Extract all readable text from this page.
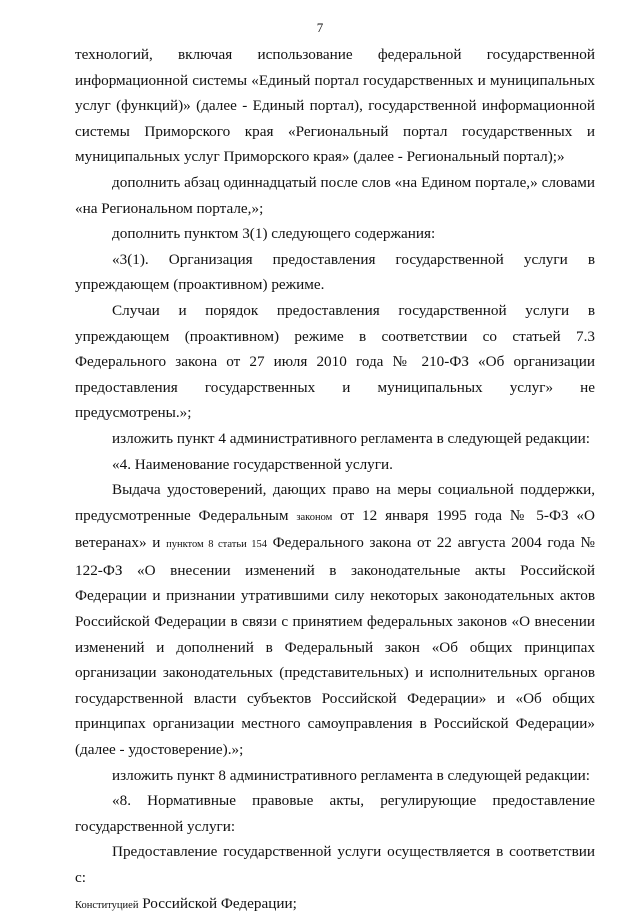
7

технологий, включая использование федеральной государственной информационной системы «Единый портал государственных и муниципальных услуг (функций)» (далее - Единый портал), государственной информационной системы Приморского края «Региональный портал государственных и муниципальных услуг Приморского края» (далее - Региональный портал);»

дополнить абзац одиннадцатый после слов «на Едином портале,» словами «на Региональном портале,»;

дополнить пунктом 3(1) следующего содержания:

«3(1). Организация предоставления государственной услуги в упреждающем (проактивном) режиме.

Случаи и порядок предоставления государственной услуги в упреждающем (проактивном) режиме в соответствии со статьей 7.3 Федерального закона от 27 июля 2010 года № 210-ФЗ «Об организации предоставления государственных и муниципальных услуг» не предусмотрены.»;

изложить пункт 4 административного регламента в следующей редакции:

«4. Наименование государственной услуги.

Выдача удостоверений, дающих право на меры социальной поддержки, предусмотренные Федеральным законом от 12 января 1995 года № 5-ФЗ «О ветеранах» и пунктом 8 статьи 154 Федерального закона от 22 августа 2004 года № 122-ФЗ «О внесении изменений в законодательные акты Российской Федерации и признании утратившими силу некоторых законодательных актов Российской Федерации в связи с принятием федеральных законов «О внесении изменений и дополнений в Федеральный закон «Об общих принципах организации законодательных (представительных) и исполнительных органов государственной власти субъектов Российской Федерации» и «Об общих принципах организации местного самоуправления в Российской Федерации» (далее - удостоверение).»;

изложить пункт 8 административного регламента в следующей редакции:

«8. Нормативные правовые акты, регулирующие предоставление государственной услуги:

Предоставление государственной услуги осуществляется в соответствии с:

Конституцией Российской Федерации;
